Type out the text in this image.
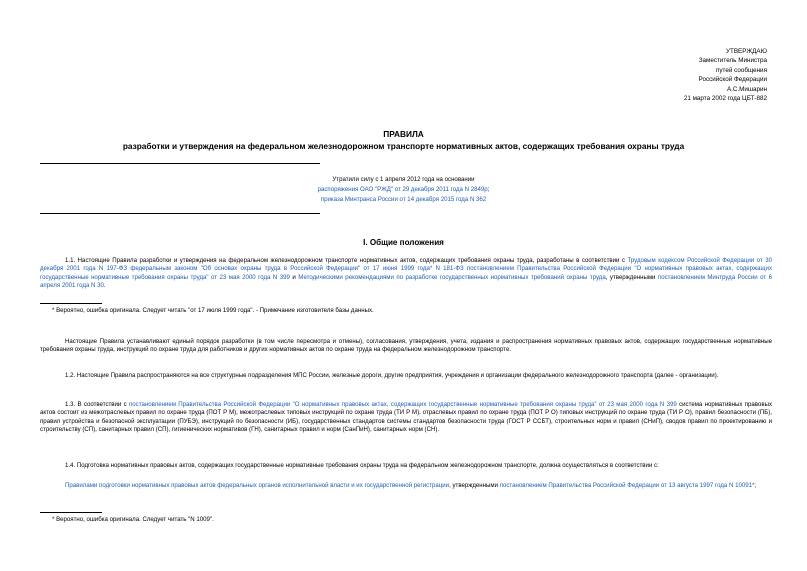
УТВЕРЖДАЮ
Заместитель Министра
путей сообщения
Российской Федерации
А.С.Мишарин
21 марта 2002 года ЦБТ-882
ПРАВИЛА
разработки и утверждения на федеральном железнодорожном транспорте нормативных актов, содержащих требования охраны труда
Утратили силу с 1 апреля 2012 года на основании
распоряжения ОАО "РЖД" от 29 декабря 2011 года N 2849р;
приказа Минтранса России от 14 декабря 2015 года N 362
I. Общие положения
1.1. Настоящие Правила разработки и утверждения на федеральном железнодорожном транспорте нормативных актов, содержащих требования охраны труда, разработаны в соответствии с Трудовым кодексом Российской Федерации от 30 декабря 2001 года N 197-ФЗ федеральным законом "Об основах охраны труда в Российской Федерации" от 17 июня 1999 года* N 181-ФЗ постановлением Правительства Российской Федерации "О нормативных правовых актах, содержащих государственные нормативные требования охраны труда" от 23 мая 2000 года N 399 и Методическими рекомендациями по разработке государственных нормативных требований охраны труда, утвержденными постановлением Минтруда России от 6 апреля 2001 года N 30.
* Вероятно, ошибка оригинала. Следует читать "от 17 июля 1999 года". - Примечание изготовителя базы данных.
Настоящие Правила устанавливают единый порядок разработки (в том числе пересмотра и отмены), согласования, утверждения, учета, издания и распространения нормативных правовых актов, содержащих государственные нормативные требования охраны труда, инструкций по охране труда для работников и других нормативных актов по охране труда на федеральном железнодорожном транспорте.
1.2. Настоящие Правила распространяются на все структурные подразделения МПС России, железные дороги, другие предприятия, учреждения и организации федерального железнодорожного транспорта (далее - организации).
1.3. В соответствии с постановлением Правительства Российской Федерации "О нормативных правовых актах, содержащих государственные нормативные требования охраны труда" от 23 мая 2000 года N 399 система нормативных правовых актов состоит из межотраслевых правил по охране труда (ПОТ Р М), межотраслевых типовых инструкций по охране труда (ТИ Р М), отраслевых правил по охране труда (ПОТ Р О) типовых инструкций по охране труда (ТИ Р О), правил безопасности (ПБ), правил устройства и безопасной эксплуатации (ПУБЭ), инструкций по безопасности (ИБ), государственных стандартов системы стандартов безопасности труда (ГОСТ Р ССБТ), строительных норм и правил (СНиП), сводов правил по проектированию и строительству (СП), санитарных правил (СП), гигиенических нормативов (ГН), санитарных правил и норм (СанПиН), санитарных норм (СН).
1.4. Подготовка нормативных правовых актов, содержащих государственные нормативные требования охраны труда на федеральном железнодорожном транспорте, должна осуществляться в соответствии с:
Правилами подготовки нормативных правовых актов федеральных органов исполнительной власти и их государственной регистрации, утвержденными постановлением Правительства Российской Федерации от 13 августа 1997 года N 10091*;
* Вероятно, ошибка оригинала. Следует читать "N 1009".
